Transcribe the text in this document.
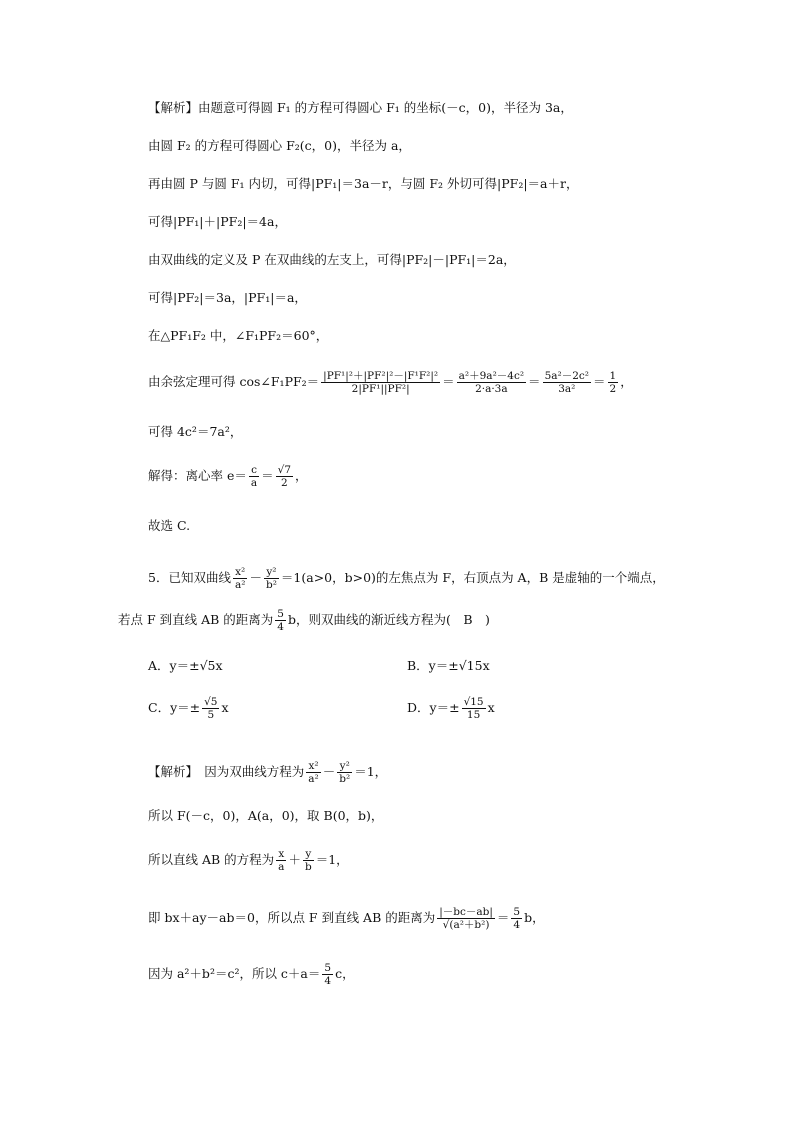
【解析】由题意可得圆 F₁ 的方程可得圆心 F₁ 的坐标(－c，0)，半径为 3a，
由圆 F₂ 的方程可得圆心 F₂(c，0)，半径为 a，
再由圆 P 与圆 F₁ 内切，可得|PF₁|＝3a－r，与圆 F₂ 外切可得|PF₂|＝a＋r，
可得|PF₁|＋|PF₂|＝4a，
由双曲线的定义及 P 在双曲线的左支上，可得|PF₂|－|PF₁|＝2a，
可得|PF₂|＝3a，|PF₁|＝a，
在△PF₁F₂ 中，∠F₁PF₂＝60°，
由余弦定理可得 cos∠F₁PF₂＝ $\frac{\text{|PF¹|²＋|PF²|²－|F¹F²|²}}{\text{2|PF¹||PF²|}} = \frac{\text{a²＋9a²－4c²}}{2\cdot a\cdot 3a} = \frac{\text{5a²－2c²}}{\text{3a²}} = \frac{1}{2}$ ，
可得 4c²＝7a²，
解得：离心率 $e= \frac{c}{a} = \frac{√7}{2}$ ，
故选 C.
5．已知双曲线 $\frac{\text{x²}}{\text{a²}} - \frac{\text{y²}}{\text{b²}} =1(a>0$，b>0)的左焦点为 F，右顶点为 A，B 是虚轴的一个端点，
若点 F 到直线 AB 的距离为 $\frac{5}{4}$ b，则双曲线的渐近线方程为(　B　)
A．y＝±√5x	B．y＝±√15x
C．$y=\pm \frac{√5}{5}$ x	D．$y=\pm \frac{√15}{15}$ x
【解析】　因为双曲线方程为 $\frac{\text{x²}}{\text{a²}} - \frac{\text{y²}}{\text{b²}} =1$，
所以 F(－c，0)，A(a，0)，取 B(0，b)，
所以直线 AB 的方程为 $\frac{x}{a} + \frac{y}{b} =1$，
即 bx＋ay－ab＝0，所以点 F 到直线 AB 的距离为 $\frac{|-bc-ab|}{\text{√(a²＋b²)}} = \frac{5}{4}$ b，
因为 a²＋b²＝c²，所以 $c+a= \frac{5}{4}$ c，
